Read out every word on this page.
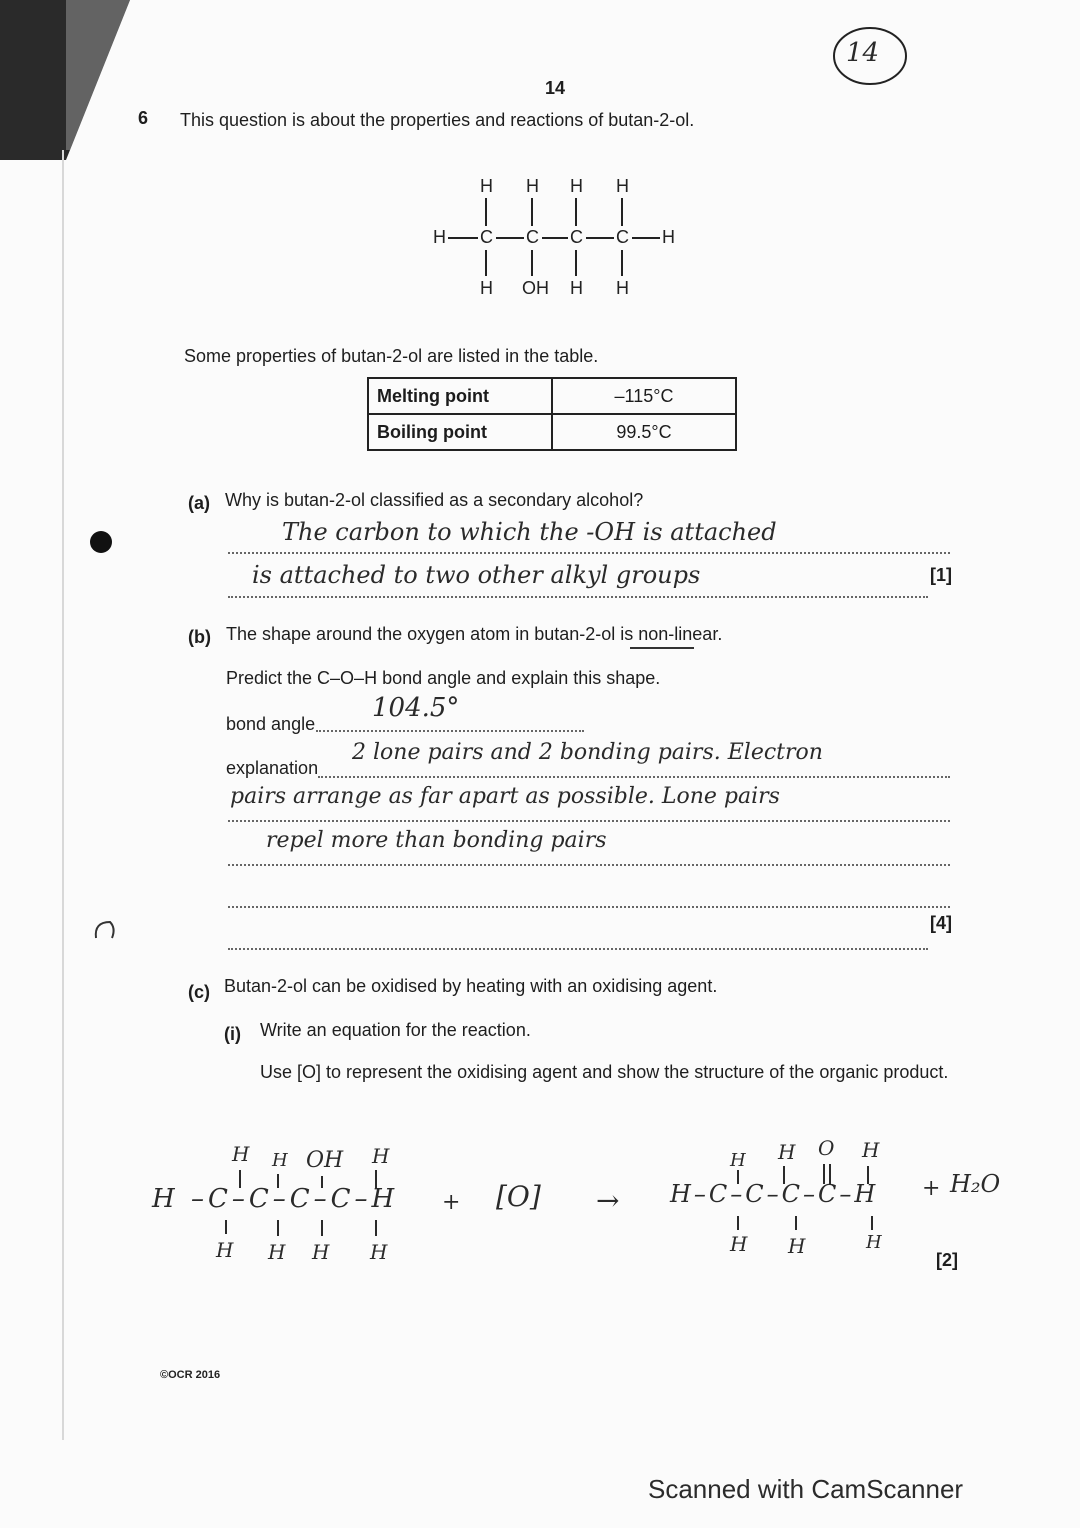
14
14
6 This question is about the properties and reactions of butan-2-ol.
H H H H
H C C C C H
H OH H H
Some properties of butan-2-ol are listed in the table.
Melting point	–115°C
Boiling point	99.5°C
(a) Why is butan-2-ol classified as a secondary alcohol?
The carbon to which the -OH is attached
is attached to two other alkyl groups	[1]
(b) The shape around the oxygen atom in butan-2-ol is non-linear.
Predict the C–O–H bond angle and explain this shape.
bond angle
104.5°
explanation
2 lone pairs and 2 bonding pairs. Electron
pairs arrange as far apart as possible. Lone pairs
repel more than bonding pairs
[4]
(c) Butan-2-ol can be oxidised by heating with an oxidising agent.
(i) Write an equation for the reaction.
Use [O] to represent the oxidising agent and show the structure of the organic product.
H H OH H
H –C–C–C–C–H
H H H H
+ [O] →
H H O H
H–C–C–C–C–H
H H	H
+ H₂O
[2]
©OCR 2016
Scanned with CamScanner
